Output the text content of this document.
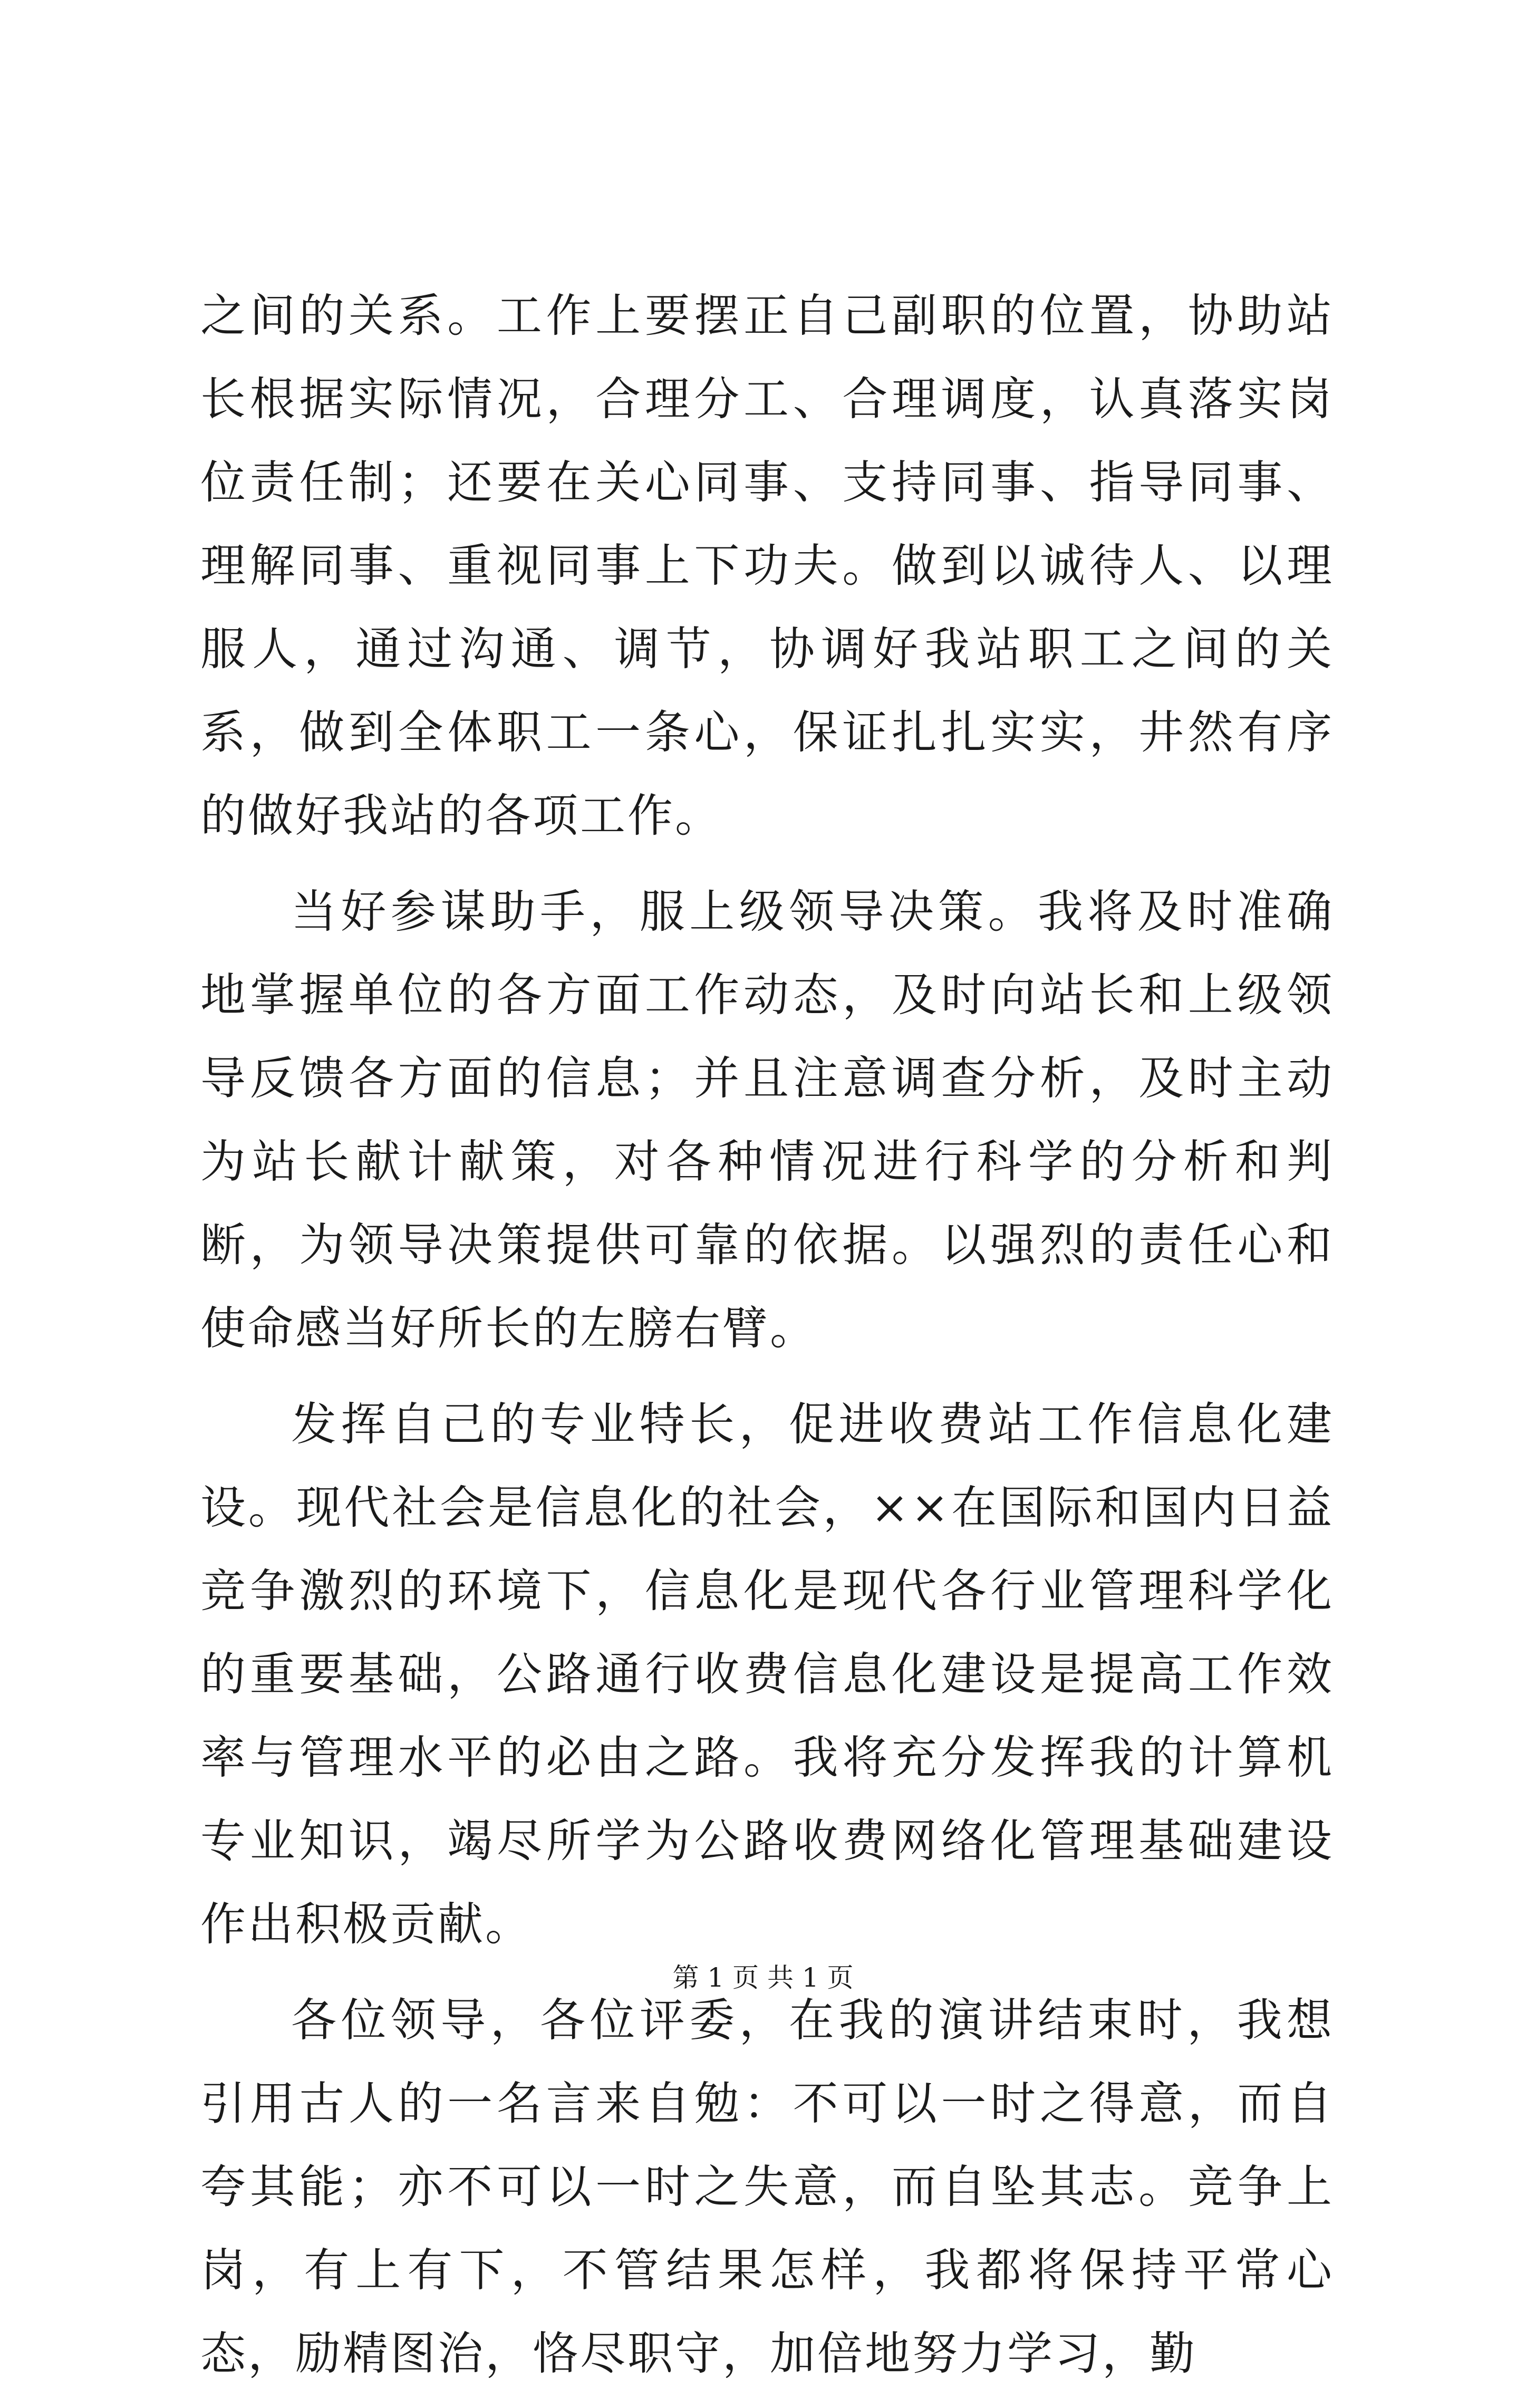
之间的关系。工作上要摆正自己副职的位置，协助站长根据实际情况，合理分工、合理调度，认真落实岗位责任制；还要在关心同事、支持同事、指导同事、理解同事、重视同事上下功夫。做到以诚待人、以理服人，通过沟通、调节，协调好我站职工之间的关系，做到全体职工一条心，保证扎扎实实，井然有序的做好我站的各项工作。

当好参谋助手，服上级领导决策。我将及时准确地掌握单位的各方面工作动态，及时向站长和上级领导反馈各方面的信息；并且注意调查分析，及时主动为站长献计献策，对各种情况进行科学的分析和判断，为领导决策提供可靠的依据。以强烈的责任心和使命感当好所长的左膀右臂。

发挥自己的专业特长，促进收费站工作信息化建设。现代社会是信息化的社会，××在国际和国内日益竞争激烈的环境下，信息化是现代各行业管理科学化的重要基础，公路通行收费信息化建设是提高工作效率与管理水平的必由之路。我将充分发挥我的计算机专业知识，竭尽所学为公路收费网络化管理基础建设作出积极贡献。

各位领导，各位评委，在我的演讲结束时，我想引用古人的一名言来自勉：不可以一时之得意，而自夸其能；亦不可以一时之失意，而自坠其志。竞争上岗，有上有下，不管结果怎样，我都将保持平常心态，励精图治，恪尽职守，加倍地努力学习，勤

第 1 页 共 1 页
